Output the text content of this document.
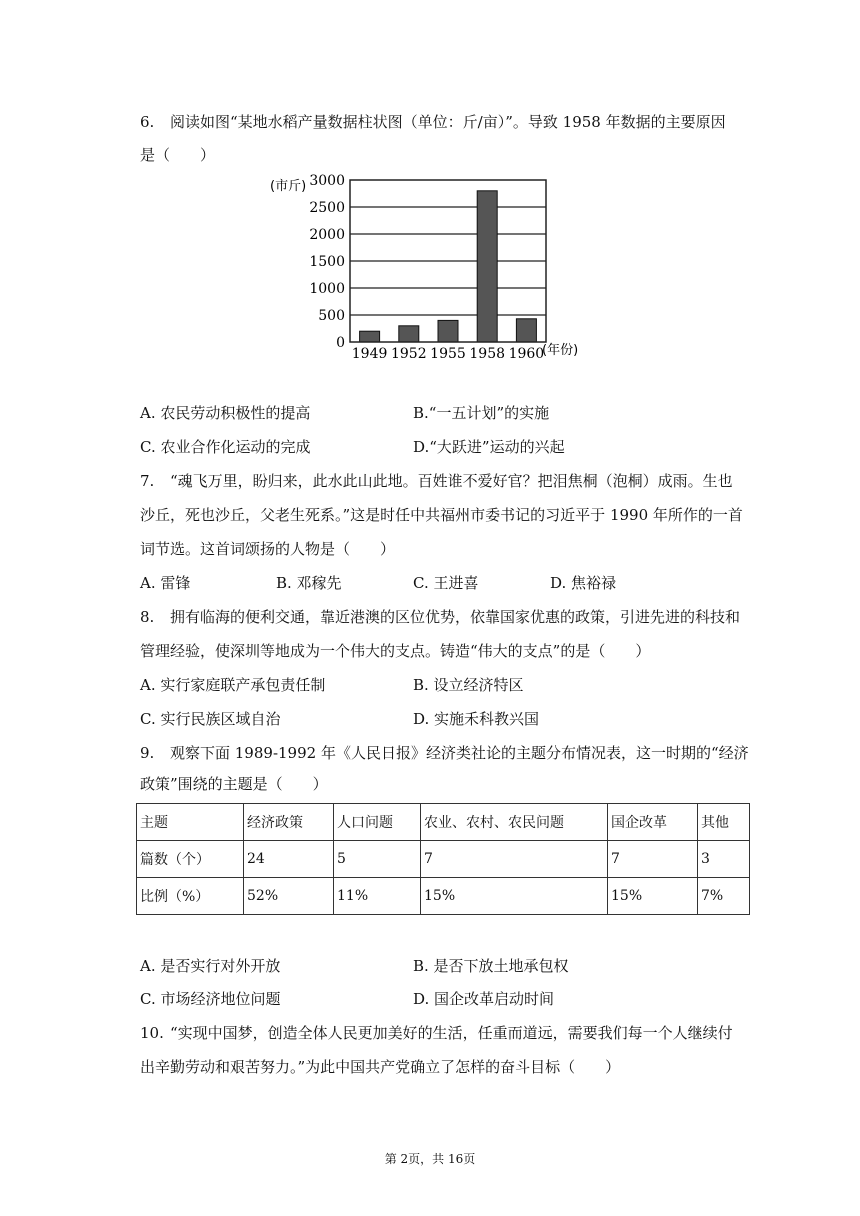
6. 阅读如图“某地水稻产量数据柱状图（单位：斤/亩）”。导致 1958 年数据的主要原因
是（　　）
(市斤)
(年份)
0
500
1000
1500
2000
2500
3000
1949 1952 1955 1958 1960
A. 农民劳动积极性的提高	B.“一五计划”的实施
C. 农业合作化运动的完成	D.“大跃进”运动的兴起
7. “魂飞万里，盼归来，此水此山此地。百姓谁不爱好官？把泪焦桐（泡桐）成雨。生也
沙丘，死也沙丘，父老生死系。”这是时任中共福州市委书记的习近平于 1990 年所作的一首
词节选。这首词颂扬的人物是（　　）
A. 雷锋	B. 邓稼先	C. 王进喜	D. 焦裕禄
8. 拥有临海的便利交通，靠近港澳的区位优势，依靠国家优惠的政策，引进先进的科技和
管理经验，使深圳等地成为一个伟大的支点。铸造“伟大的支点”的是（　　）
A. 实行家庭联产承包责任制	B. 设立经济特区
C. 实行民族区域自治	D. 实施禾科教兴国
9. 观察下面 1989-1992 年《人民日报》经济类社论的主题分布情况表，这一时期的“经济
政策”围绕的主题是（　　）
主题	经济政策	人口问题	农业、农村、农民问题	国企改革	其他
篇数（个）	24	5	7	7	3
比例（%）	52%	11%	15%	15%	7%
A. 是否实行对外开放	B. 是否下放土地承包权
C. 市场经济地位问题	D. 国企改革启动时间
10. “实现中国梦，创造全体人民更加美好的生活，任重而道远，需要我们每一个人继续付
出辛勤劳动和艰苦努力。”为此中国共产党确立了怎样的奋斗目标（　　）
第 2页，共 16页
